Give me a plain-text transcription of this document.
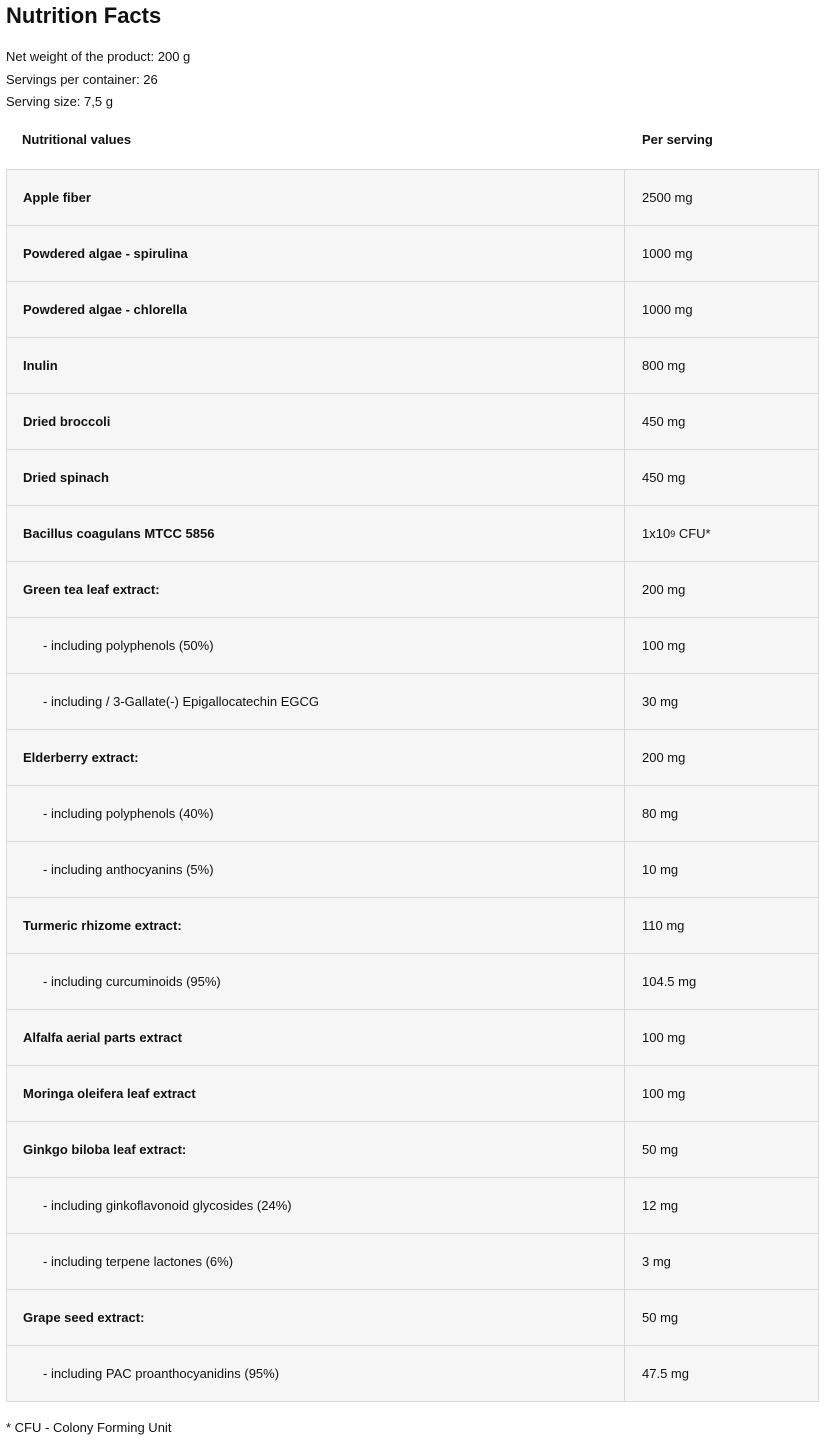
Nutrition Facts
Net weight of the product: 200 g
Servings per container: 26
Serving size: 7,5 g
Nutritional values	Per serving
Apple fiber	2500 mg
Powdered algae - spirulina	1000 mg
Powdered algae - chlorella	1000 mg
Inulin	800 mg
Dried broccoli	450 mg
Dried spinach	450 mg
Bacillus coagulans MTCC 5856	1x10 9 CFU*
Green tea leaf extract:	200 mg
- including polyphenols (50%)	100 mg
- including / 3-Gallate(-) Epigallocatechin EGCG	30 mg
Elderberry extract:	200 mg
- including polyphenols (40%)	80 mg
- including anthocyanins (5%)	10 mg
Turmeric rhizome extract:	110 mg
- including curcuminoids (95%)	104.5 mg
Alfalfa aerial parts extract	100 mg
Moringa oleifera leaf extract	100 mg
Ginkgo biloba leaf extract:	50 mg
- including ginkoflavonoid glycosides (24%)	12 mg
- including terpene lactones (6%)	3 mg
Grape seed extract:	50 mg
- including PAC proanthocyanidins (95%)	47.5 mg
* CFU - Colony Forming Unit
